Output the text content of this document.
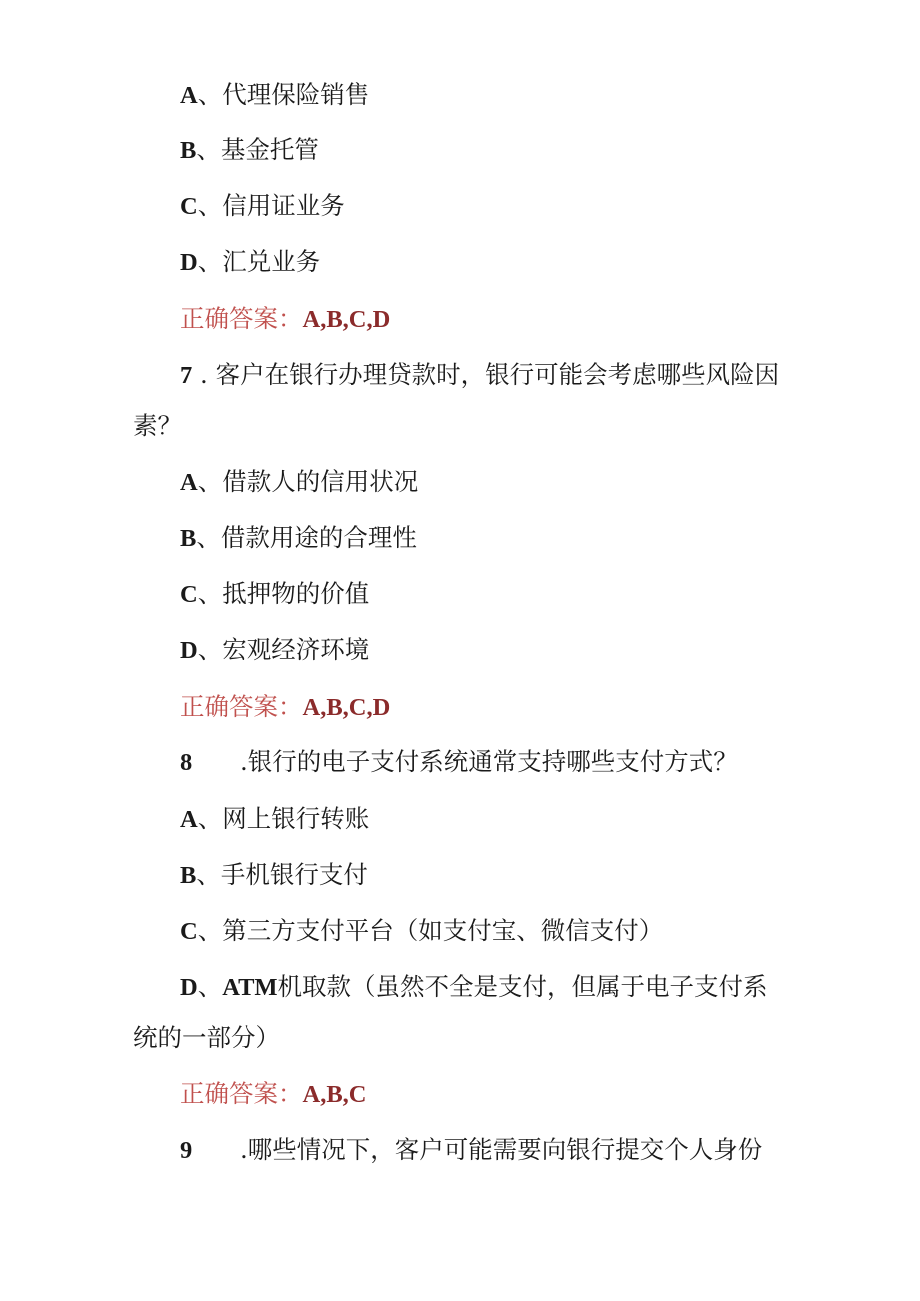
A、代理保险销售
B、基金托管
C、信用证业务
D、汇兑业务
正确答案：A,B,C,D
7 . 客户在银行办理贷款时，银行可能会考虑哪些风险因
素？
A、借款人的信用状况
B、借款用途的合理性
C、抵押物的价值
D、宏观经济环境
正确答案：A,B,C,D
8 .银行的电子支付系统通常支持哪些支付方式？
A、网上银行转账
B、手机银行支付
C、第三方支付平台（如支付宝、微信支付）
D、ATM机取款（虽然不全是支付，但属于电子支付系
统的一部分）
正确答案：A,B,C
9 .哪些情况下，客户可能需要向银行提交个人身份
